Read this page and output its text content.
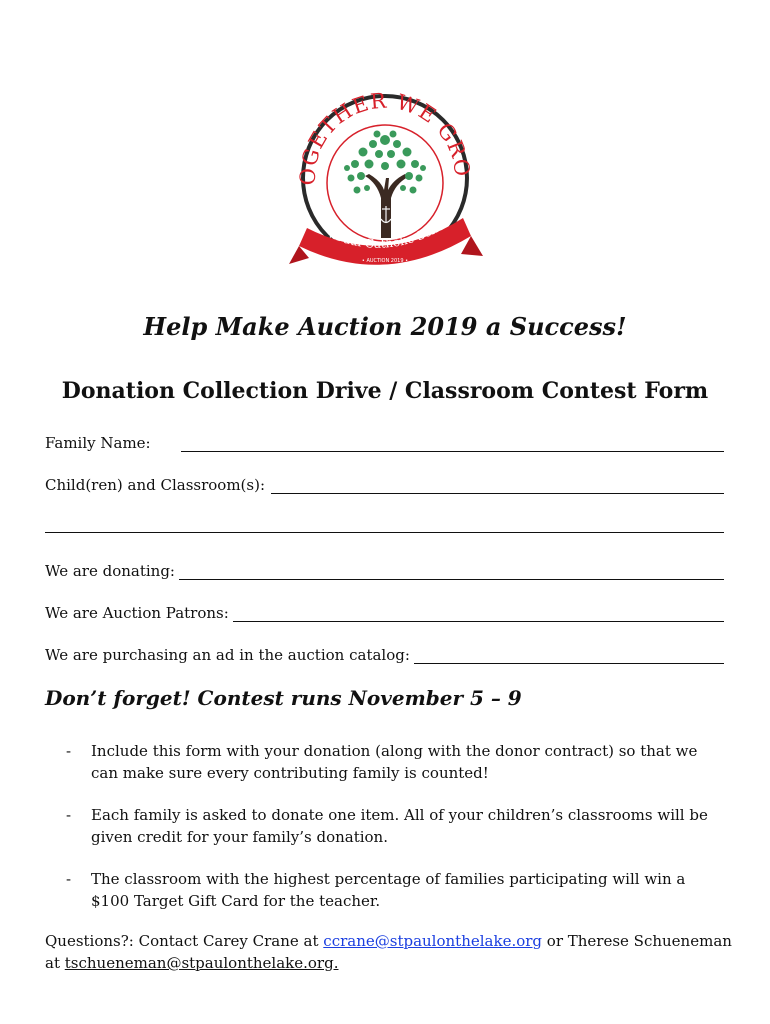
OGETHER WE GRO
. Paul Catholic Scho
• AUCTION 2019 •
Help Make Auction 2019 a Success!
Donation Collection Drive / Classroom Contest Form
Family Name:
Child(ren) and Classroom(s):
We are donating:
We are Auction Patrons:
We are purchasing an ad in the auction catalog:
Don’t forget! Contest runs November 5 – 9
- Include this form with your donation (along with the donor contract) so that we can make sure every contributing family is counted!
- Each family is asked to donate one item. All of your children’s classrooms will be given credit for your family’s donation.
- The classroom with the highest percentage of families participating will win a $100 Target Gift Card for the teacher.

Questions?: Contact Carey Crane at ccrane@stpaulonthelake.org or Therese Schueneman at tschueneman@stpaulonthelake.org.
